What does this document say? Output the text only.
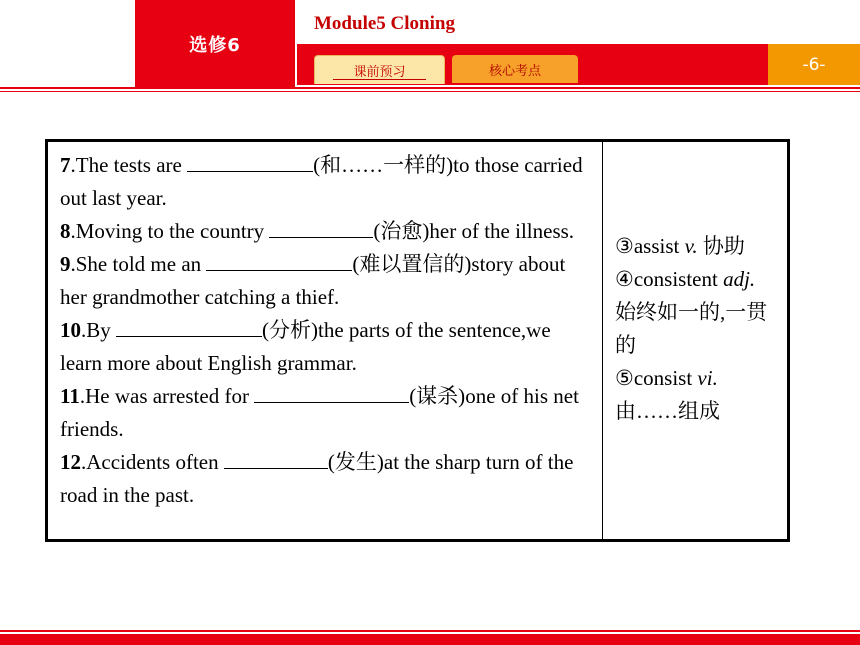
选修6
Module5 Cloning
课前预习	核心考点	-6-

7.The tests are	(和……一样的)to those carried out last year.

8.Moving to the country	(治愈)her of the illness.

9.She told me an	(难以置信的)story about her grandmother catching a thief.

10.By	(分析)the parts of the sentence,we learn more about English grammar.

11.He was arrested for	(谋杀)one of his net friends.

12.Accidents often	(发生)at the sharp turn of the road in the past.

③assist v. 协助

④consistent adj. 始终如一的,一贯的

⑤consist vi. 由……组成
